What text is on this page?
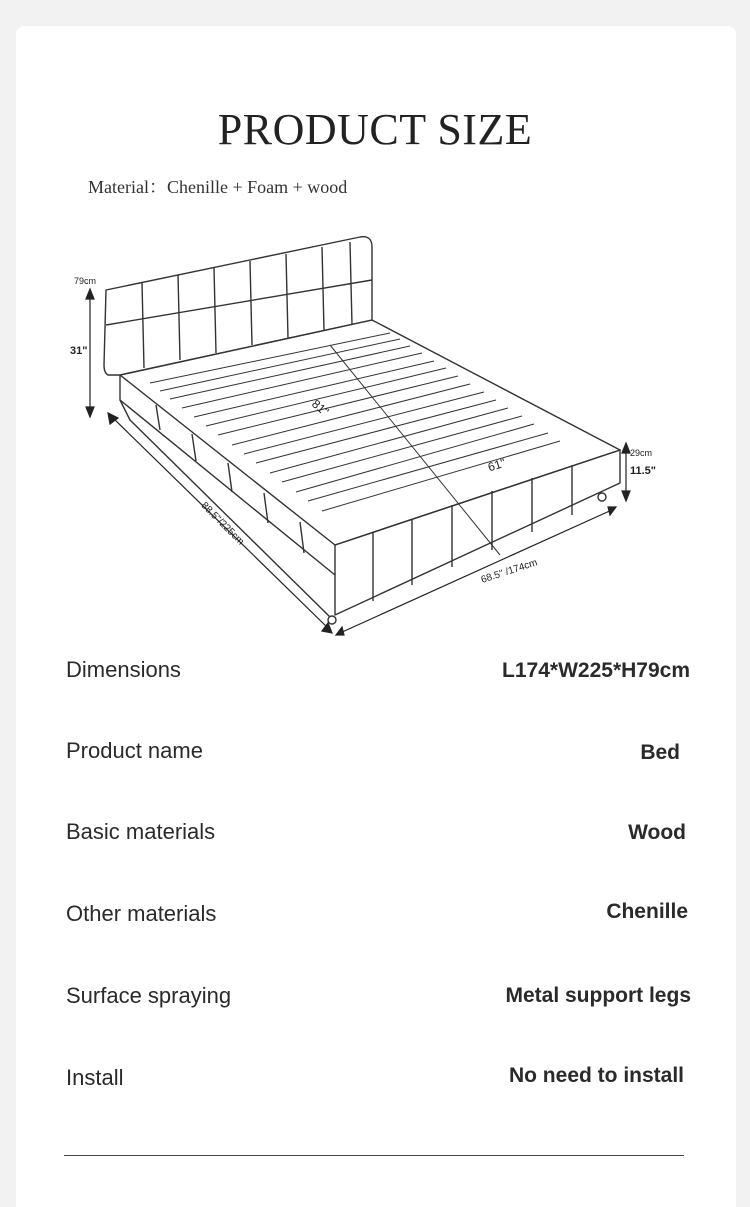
PRODUCT SIZE
Material：Chenille + Foam + wood
79cm
31"
29cm
11.5"
88.5"/225cm
68.5" /174cm
81"
61"
Dimensions	L174*W225*H79cm
Product name	Bed
Basic materials	Wood
Other materials	Chenille
Surface spraying	Metal support legs
Install	No need to install
